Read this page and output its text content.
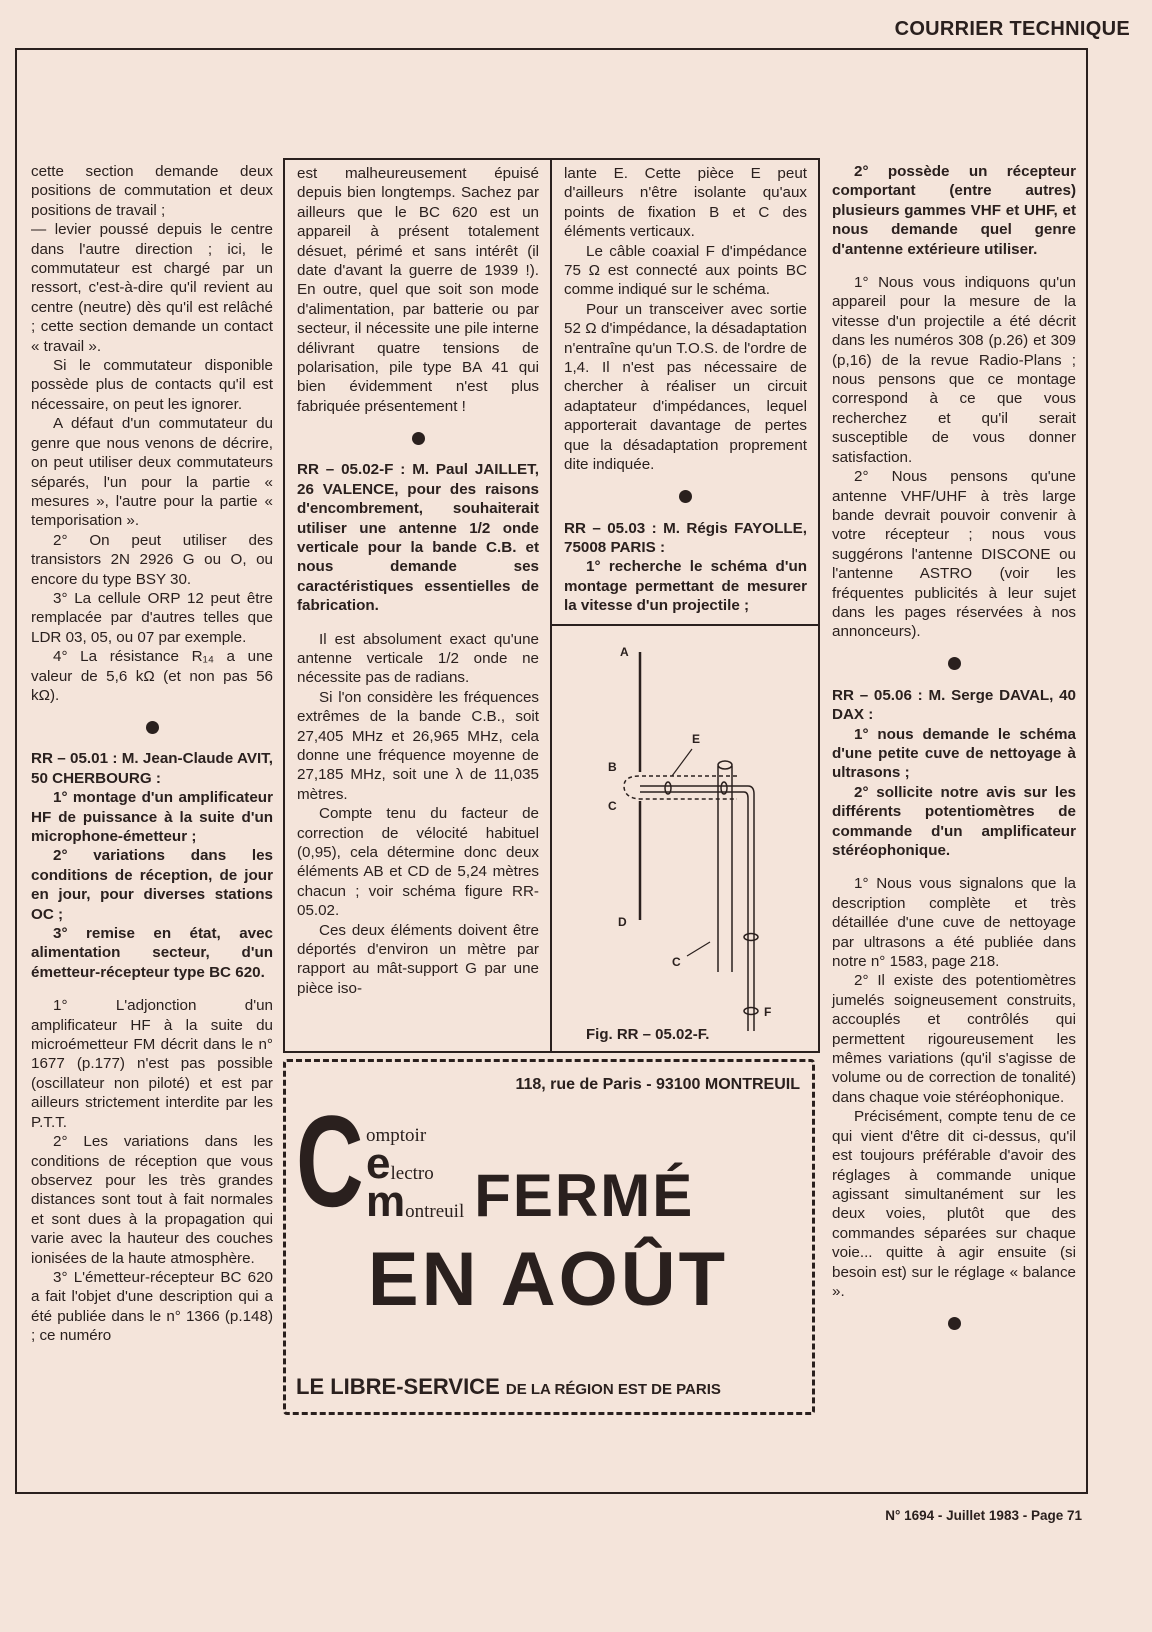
COURRIER TECHNIQUE

cette section demande deux positions de commutation et deux positions de travail ;

— levier poussé depuis le centre dans l'autre direction ; ici, le commutateur est chargé par un ressort, c'est-à-dire qu'il revient au centre (neutre) dès qu'il est relâché ; cette section demande un contact « travail ».

Si le commutateur disponible possède plus de contacts qu'il est nécessaire, on peut les ignorer.

A défaut d'un commutateur du genre que nous venons de décrire, on peut utiliser deux commutateurs séparés, l'un pour la partie « mesures », l'autre pour la partie « temporisation ».

2° On peut utiliser des transistors 2N 2926 G ou O, ou encore du type BSY 30.

3° La cellule ORP 12 peut être remplacée par d'autres telles que LDR 03, 05, ou 07 par exemple.

4° La résistance R₁₄ a une valeur de 5,6 kΩ (et non pas 56 kΩ).

RR – 05.01 : M. Jean-Claude AVIT, 50 CHERBOURG :

1° montage d'un amplificateur HF de puissance à la suite d'un microphone-émetteur ;

2° variations dans les conditions de réception, de jour en jour, pour diverses stations OC ;

3° remise en état, avec alimentation secteur, d'un émetteur-récepteur type BC 620.

1° L'adjonction d'un amplificateur HF à la suite du microémetteur FM décrit dans le n° 1677 (p.177) n'est pas possible (oscillateur non piloté) et est par ailleurs strictement interdite par les P.T.T.

2° Les variations dans les conditions de réception que vous observez pour les très grandes distances sont tout à fait normales et sont dues à la propagation qui varie avec la hauteur des couches ionisées de la haute atmosphère.

3° L'émetteur-récepteur BC 620 a fait l'objet d'une description qui a été publiée dans le n° 1366 (p.148) ; ce numéro

est malheureusement épuisé depuis bien longtemps. Sachez par ailleurs que le BC 620 est un appareil à présent totalement désuet, périmé et sans intérêt (il date d'avant la guerre de 1939 !). En outre, quel que soit son mode d'alimentation, par batterie ou par secteur, il nécessite une pile interne délivrant quatre tensions de polarisation, pile type BA 41 qui bien évidemment n'est plus fabriquée présentement !

RR – 05.02-F : M. Paul JAILLET, 26 VALENCE, pour des raisons d'encombrement, souhaiterait utiliser une antenne 1/2 onde verticale pour la bande C.B. et nous demande ses caractéristiques essentielles de fabrication.

Il est absolument exact qu'une antenne verticale 1/2 onde ne nécessite pas de radians.

Si l'on considère les fréquences extrêmes de la bande C.B., soit 27,405 MHz et 26,965 MHz, cela donne une fréquence moyenne de 27,185 MHz, soit une λ de 11,035 mètres.

Compte tenu du facteur de correction de vélocité habituel (0,95), cela détermine donc deux éléments AB et CD de 5,24 mètres chacun ; voir schéma figure RR-05.02.

Ces deux éléments doivent être déportés d'environ un mètre par rapport au mât-support G par une pièce iso-

lante E. Cette pièce E peut d'ailleurs n'être isolante qu'aux points de fixation B et C des éléments verticaux.

Le câble coaxial F d'impédance 75 Ω est connecté aux points BC comme indiqué sur le schéma.

Pour un transceiver avec sortie 52 Ω d'impédance, la désadaptation n'entraîne qu'un T.O.S. de l'ordre de 1,4. Il n'est pas nécessaire de chercher à réaliser un circuit adaptateur d'impédances, lequel apporterait davantage de pertes que la désadaptation proprement dite indiquée.

RR – 05.03 : M. Régis FAYOLLE, 75008 PARIS :

1° recherche le schéma d'un montage permettant de mesurer la vitesse d'un projectile ;

A
B
C
D
E
C
F
Fig. RR – 05.02-F.
118, rue de Paris - 93100 MONTREUIL
C omptoir
e lectro
m ontreuil FERMÉ
EN AOÛT
LE LIBRE-SERVICE DE LA RÉGION EST DE PARIS

2° possède un récepteur comportant (entre autres) plusieurs gammes VHF et UHF, et nous demande quel genre d'antenne extérieure utiliser.

1° Nous vous indiquons qu'un appareil pour la mesure de la vitesse d'un projectile a été décrit dans les numéros 308 (p.26) et 309 (p,16) de la revue Radio-Plans ; nous pensons que ce montage correspond à ce que vous recherchez et qu'il serait susceptible de vous donner satisfaction.

2° Nous pensons qu'une antenne VHF/UHF à très large bande devrait pouvoir convenir à votre récepteur ; nous vous suggérons l'antenne DISCONE ou l'antenne ASTRO (voir les fréquentes publicités à leur sujet dans les pages réservées à nos annonceurs).

RR – 05.06 : M. Serge DAVAL, 40 DAX :

1° nous demande le schéma d'une petite cuve de nettoyage à ultrasons ;

2° sollicite notre avis sur les différents potentiomètres de commande d'un amplificateur stéréophonique.

1° Nous vous signalons que la description complète et très détaillée d'une cuve de nettoyage par ultrasons a été publiée dans notre n° 1583, page 218.

2° Il existe des potentiomètres jumelés soigneusement construits, accouplés et contrôlés qui permettent rigoureusement les mêmes variations (qu'il s'agisse de volume ou de correction de tonalité) dans chaque voie stéréophonique.

Précisément, compte tenu de ce qui vient d'être dit ci-dessus, qu'il est toujours préférable d'avoir des réglages à commande unique agissant simultanément sur les deux voies, plutôt que des commandes séparées sur chaque voie... quitte à agir ensuite (si besoin est) sur le réglage « balance ».

N° 1694 - Juillet 1983 - Page 71
